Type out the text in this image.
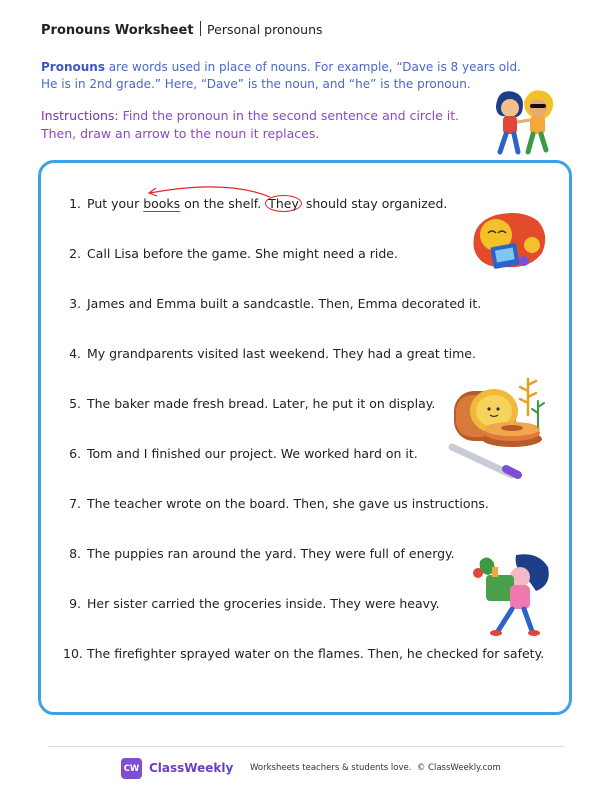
Pronouns Worksheet Personal pronouns
Pronouns are words used in place of nouns. For example, “Dave is 8 years old. He is in 2nd grade.” Here, “Dave” is the noun, and “he” is the pronoun.
Instructions: Find the pronoun in the second sentence and circle it. Then, draw an arrow to the noun it replaces.
1. Put your books on the shelf. They should stay organized.
2. Call Lisa before the game. She might need a ride.
3. James and Emma built a sandcastle. Then, Emma decorated it.
4. My grandparents visited last weekend. They had a great time.
5. The baker made fresh bread. Later, he put it on display.
6. Tom and I finished our project. We worked hard on it.
7. The teacher wrote on the board. Then, she gave us instructions.
8. The puppies ran around the yard. They were full of energy.
9. Her sister carried the groceries inside. They were heavy.
10. The firefighter sprayed water on the flames. Then, he checked for safety.
CW ClassWeekly Worksheets teachers & students love. © ClassWeekly.com
